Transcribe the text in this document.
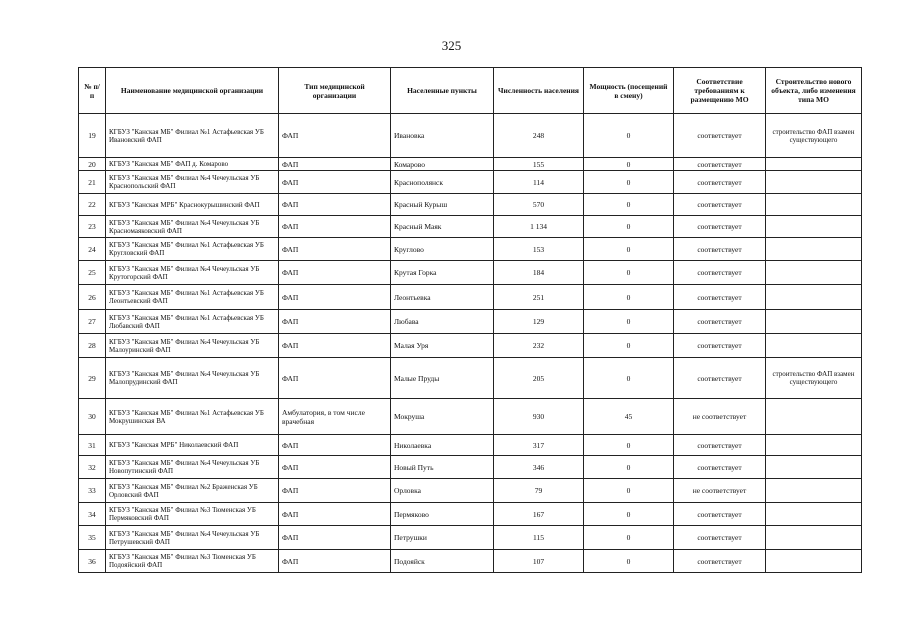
325
№ п/п	Наименование медицинской организации	Тип медицинской организации	Населенные пункты	Численность населения	Мощность (посещений в смену)	Соответствие требованиям к размещению МО	Строительство нового объекта, либо изменения типа МО
19	КГБУЗ "Канская МБ" Филиал №1 Астафьевская УБ Ивановский ФАП	ФАП	Ивановка	248	0	соответствует	строительство ФАП взамен существующего
20	КГБУЗ "Канская МБ" ФАП д. Комарово	ФАП	Комарово	155	0	соответствует	
21	КГБУЗ "Канская МБ" Филиал №4 Чечеульская УБ Краснопольский ФАП	ФАП	Краснополянск	114	0	соответствует	
22	КГБУЗ "Канская МРБ" Краснокурышинский ФАП	ФАП	Красный Курыш	570	0	соответствует	
23	КГБУЗ "Канская МБ" Филиал №4 Чечеульская УБ Красномаяковский ФАП	ФАП	Красный Маяк	1 134	0	соответствует	
24	КГБУЗ "Канская МБ" Филиал №1 Астафьевская УБ Кругловский ФАП	ФАП	Круглово	153	0	соответствует	
25	КГБУЗ "Канская МБ" Филиал №4 Чечеульская УБ Крутогорский ФАП	ФАП	Крутая Горка	184	0	соответствует	
26	КГБУЗ "Канская МБ" Филиал №1 Астафьевская УБ Леонтьевский ФАП	ФАП	Леонтьевка	251	0	соответствует	
27	КГБУЗ "Канская МБ" Филиал №1 Астафьевская УБ Любавский ФАП	ФАП	Любава	129	0	соответствует	
28	КГБУЗ "Канская МБ" Филиал №4 Чечеульская УБ Малоуринский ФАП	ФАП	Малая Уря	232	0	соответствует	
29	КГБУЗ "Канская МБ" Филиал №4 Чечеульская УБ Малопрудинский ФАП	ФАП	Малые Пруды	205	0	соответствует	строительство ФАП взамен существующего
30	КГБУЗ "Канская МБ" Филиал №1 Астафьевская УБ Мокрушинская ВА	Амбулатория, в том числе врачебная	Мокруша	930	45	не соответствует	
31	КГБУЗ "Канская МРБ" Николаевский ФАП	ФАП	Николаевка	317	0	соответствует	
32	КГБУЗ "Канская МБ" Филиал №4 Чечеульская УБ Новопутинский ФАП	ФАП	Новый Путь	346	0	соответствует	
33	КГБУЗ "Канская МБ" Филиал №2 Браженская УБ Орловский ФАП	ФАП	Орловка	79	0	не соответствует	
34	КГБУЗ "Канская МБ" Филиал №3 Тюменская УБ Пермяковский ФАП	ФАП	Пермяково	167	0	соответствует	
35	КГБУЗ "Канская МБ" Филиал №4 Чечеульская УБ Петрушевский ФАП	ФАП	Петрушки	115	0	соответствует	
36	КГБУЗ "Канская МБ" Филиал №3 Тюменская УБ Подояйский ФАП	ФАП	Подояйск	107	0	соответствует	
